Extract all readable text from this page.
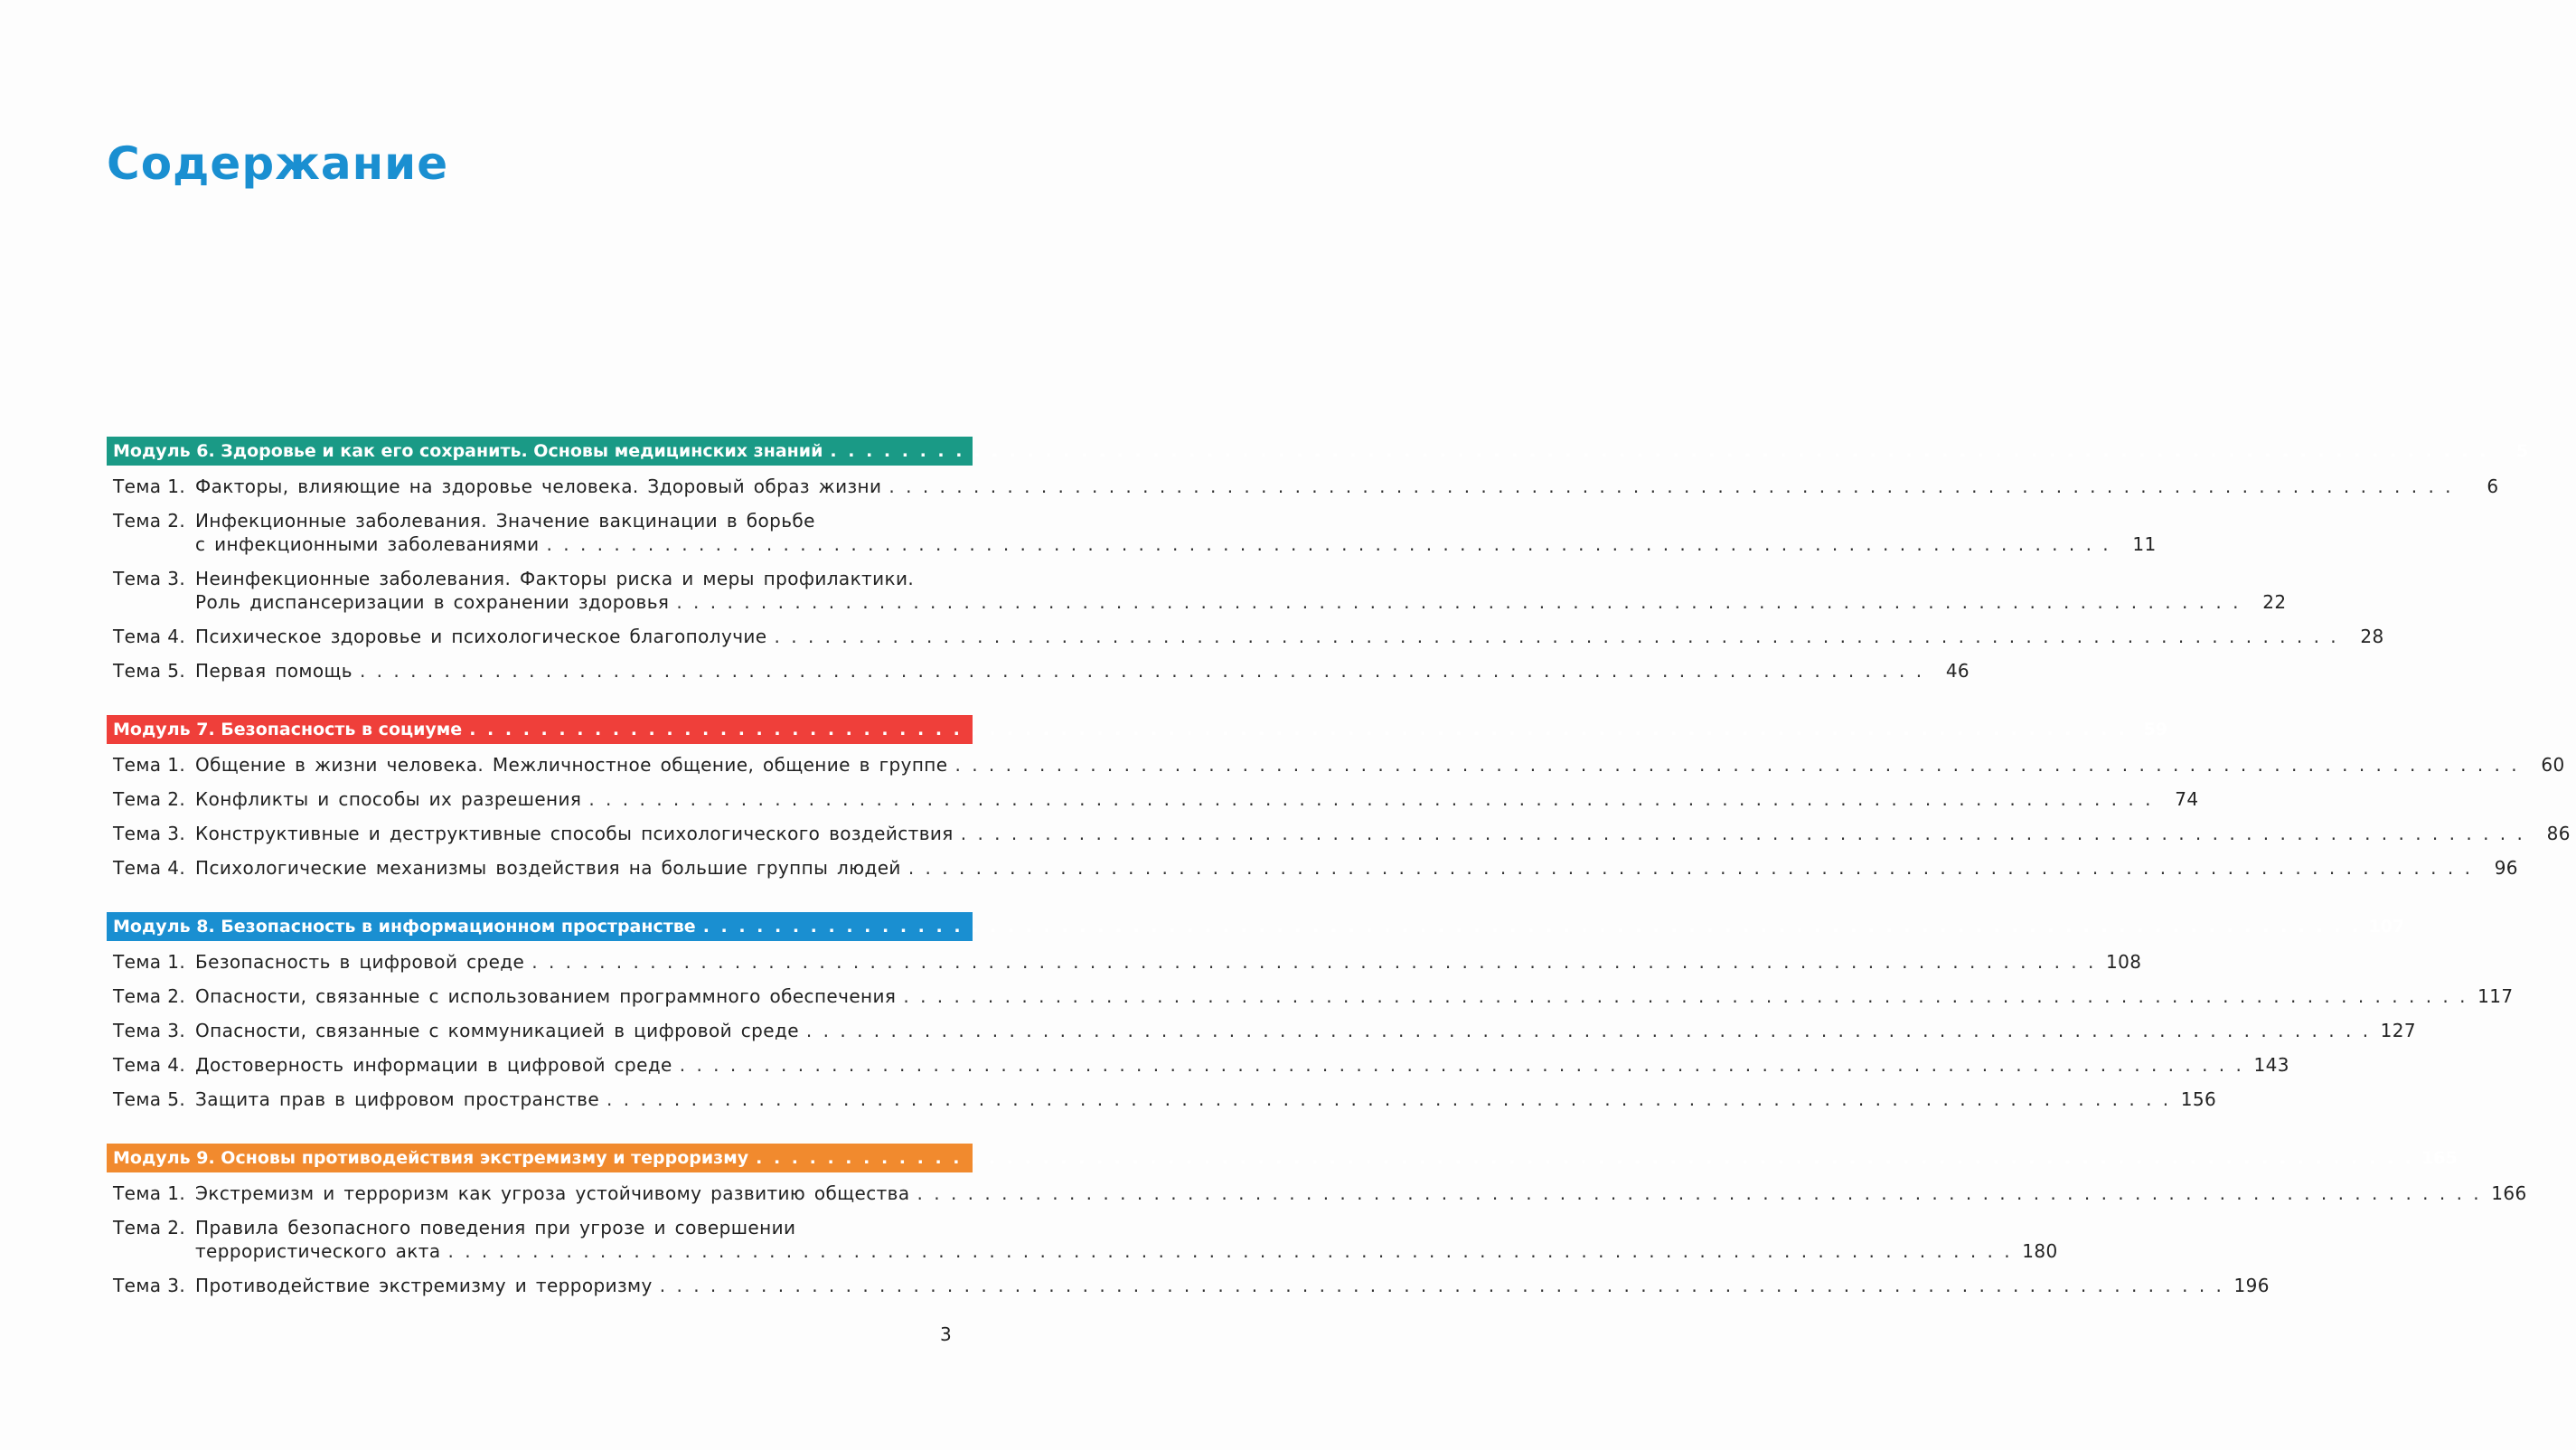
Содержание
Модуль 6. Здоровье и как его сохранить. Основы медицинских знаний . . . . . . . . . . . . . . . . . . . . . . . . . . . . . . . . . . . . . . . . . . . . . . . . . . . . . . . . . . . . . . . . . . . . . . . . . . . . . . . . . . . . . . . . . . . . .	5
Тема 1. Факторы, влияющие на здоровье человека. Здоровый образ жизни . . . . . . . . . . . . . . . . . . . . . . . . . . . . . . . . . . . . . . . . . . . . . . . . . . . . . . . . . . . . . . . . . . . . . . . . . . . . . . . . . . . . . . . . . . . . .	6
Тема 2. Инфекционные заболевания. Значение вакцинации в борьбе
с инфекционными заболеваниями . . . . . . . . . . . . . . . . . . . . . . . . . . . . . . . . . . . . . . . . . . . . . . . . . . . . . . . . . . . . . . . . . . . . . . . . . . . . . . . . . . . . . . . . . . . . .	11
Тема 3. Неинфекционные заболевания. Факторы риска и меры профилактики.
Роль диспансеризации в сохранении здоровья . . . . . . . . . . . . . . . . . . . . . . . . . . . . . . . . . . . . . . . . . . . . . . . . . . . . . . . . . . . . . . . . . . . . . . . . . . . . . . . . . . . . . . . . . . . . .	22
Тема 4. Психическое здоровье и психологическое благополучие . . . . . . . . . . . . . . . . . . . . . . . . . . . . . . . . . . . . . . . . . . . . . . . . . . . . . . . . . . . . . . . . . . . . . . . . . . . . . . . . . . . . . . . . . . . . .	28
Тема 5. Первая помощь . . . . . . . . . . . . . . . . . . . . . . . . . . . . . . . . . . . . . . . . . . . . . . . . . . . . . . . . . . . . . . . . . . . . . . . . . . . . . . . . . . . . . . . . . . . . .	46
Модуль 7. Безопасность в социуме . . . . . . . . . . . . . . . . . . . . . . . . . . . . . . . . . . . . . . . . . . . . . . . . . . . . . . . . . . . . . . . . . . . . . . . . . . . . . . . . . . . . . . . . . . . . . 59
Тема 1. Общение в жизни человека. Межличностное общение, общение в группе . . . . . . . . . . . . . . . . . . . . . . . . . . . . . . . . . . . . . . . . . . . . . . . . . . . . . . . . . . . . . . . . . . . . . . . . . . . . . . . . . . . . . . . . . . . . .	60
Тема 2. Конфликты и способы их разрешения . . . . . . . . . . . . . . . . . . . . . . . . . . . . . . . . . . . . . . . . . . . . . . . . . . . . . . . . . . . . . . . . . . . . . . . . . . . . . . . . . . . . . . . . . . . . .	74
Тема 3. Конструктивные и деструктивные способы психологического воздействия . . . . . . . . . . . . . . . . . . . . . . . . . . . . . . . . . . . . . . . . . . . . . . . . . . . . . . . . . . . . . . . . . . . . . . . . . . . . . . . . . . . . . . . . . . . . .	86
Тема 4. Психологические механизмы воздействия на большие группы людей . . . . . . . . . . . . . . . . . . . . . . . . . . . . . . . . . . . . . . . . . . . . . . . . . . . . . . . . . . . . . . . . . . . . . . . . . . . . . . . . . . . . . . . . . . . . .	96
Модуль 8. Безопасность в информационном пространстве . . . . . . . . . . . . . . . . . . . . . . . . . . . . . . . . . . . . . . . . . . . . . . . . . . . . . . . . . . . . . . . . . . . . . . . . . . . . . . . . . . . . . . . . . . . . . 107
Тема 1. Безопасность в цифровой среде . . . . . . . . . . . . . . . . . . . . . . . . . . . . . . . . . . . . . . . . . . . . . . . . . . . . . . . . . . . . . . . . . . . . . . . . . . . . . . . . . . . . . . . . . . . . . 108
Тема 2. Опасности, связанные с использованием программного обеспечения . . . . . . . . . . . . . . . . . . . . . . . . . . . . . . . . . . . . . . . . . . . . . . . . . . . . . . . . . . . . . . . . . . . . . . . . . . . . . . . . . . . . . . . . . . . . . 117
Тема 3. Опасности, связанные с коммуникацией в цифровой среде . . . . . . . . . . . . . . . . . . . . . . . . . . . . . . . . . . . . . . . . . . . . . . . . . . . . . . . . . . . . . . . . . . . . . . . . . . . . . . . . . . . . . . . . . . . . . 127
Тема 4. Достоверность информации в цифровой среде . . . . . . . . . . . . . . . . . . . . . . . . . . . . . . . . . . . . . . . . . . . . . . . . . . . . . . . . . . . . . . . . . . . . . . . . . . . . . . . . . . . . . . . . . . . . . 143
Тема 5. Защита прав в цифровом пространстве . . . . . . . . . . . . . . . . . . . . . . . . . . . . . . . . . . . . . . . . . . . . . . . . . . . . . . . . . . . . . . . . . . . . . . . . . . . . . . . . . . . . . . . . . . . . . 156
Модуль 9. Основы противодействия экстремизму и терроризму . . . . . . . . . . . . . . . . . . . . . . . . . . . . . . . . . . . . . . . . . . . . . . . . . . . . . . . . . . . . . . . . . . . . . . . . . . . . . . . . . . . . . . . . . . . . . 165
Тема 1. Экстремизм и терроризм как угроза устойчивому развитию общества . . . . . . . . . . . . . . . . . . . . . . . . . . . . . . . . . . . . . . . . . . . . . . . . . . . . . . . . . . . . . . . . . . . . . . . . . . . . . . . . . . . . . . . . . . . . . 166
Тема 2. Правила безопасного поведения при угрозе и совершении
террористического акта . . . . . . . . . . . . . . . . . . . . . . . . . . . . . . . . . . . . . . . . . . . . . . . . . . . . . . . . . . . . . . . . . . . . . . . . . . . . . . . . . . . . . . . . . . . . . 180
Тема 3. Противодействие экстремизму и терроризму . . . . . . . . . . . . . . . . . . . . . . . . . . . . . . . . . . . . . . . . . . . . . . . . . . . . . . . . . . . . . . . . . . . . . . . . . . . . . . . . . . . . . . . . . . . . . 196
3
